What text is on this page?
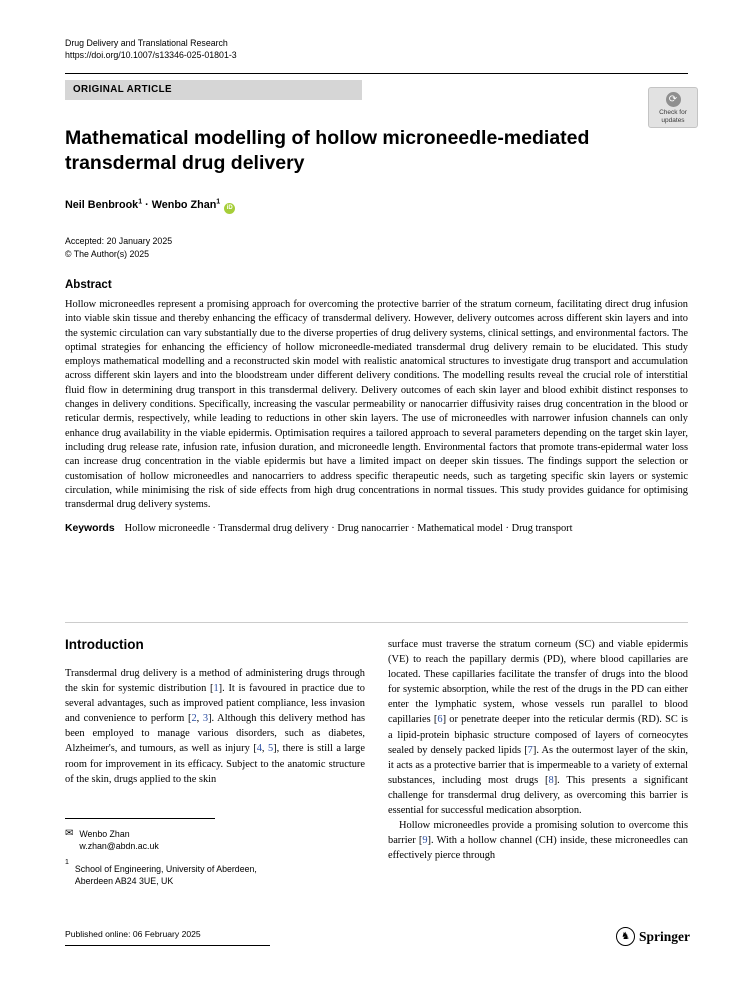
Drug Delivery and Translational Research
https://doi.org/10.1007/s13346-025-01801-3
ORIGINAL ARTICLE
⟳
Check for
updates
Mathematical modelling of hollow microneedle-mediated transdermal drug delivery
Neil Benbrook$^1$ · Wenbo Zhan$^1$iD
Accepted: 20 January 2025
© The Author(s) 2025
Abstract

Hollow microneedles represent a promising approach for overcoming the protective barrier of the stratum corneum, facilitating direct drug infusion into viable skin tissue and thereby enhancing the efficacy of transdermal delivery. However, delivery outcomes across different skin layers and into the systemic circulation can vary substantially due to the diverse properties of drug delivery systems, clinical settings, and environmental factors. The optimal strategies for enhancing the efficiency of hollow microneedle-mediated transdermal drug delivery remain to be elucidated. This study employs mathematical modelling and a reconstructed skin model with realistic anatomical structures to investigate drug transport and accumulation across different skin layers and into the bloodstream under different delivery conditions. The modelling results reveal the crucial role of interstitial fluid flow in determining drug transport in this transdermal delivery. Delivery outcomes of each skin layer and blood exhibit distinct responses to changes in delivery conditions. Specifically, increasing the vascular permeability or nanocarrier diffusivity raises drug concentration in the blood or reticular dermis, respectively, while leading to reductions in other skin layers. The use of microneedles with narrower infusion channels can only enhance drug availability in the viable epidermis. Optimisation requires a tailored approach to several parameters depending on the target skin layer, including drug release rate, infusion rate, infusion duration, and microneedle length. Environmental factors that promote trans-epidermal water loss can increase drug concentration in the viable epidermis but have a limited impact on deeper skin tissues. The findings support the selection or customisation of hollow microneedles and nanocarriers to address specific therapeutic needs, such as targeting specific skin layers or systemic circulation, while minimising the risk of side effects from high drug concentrations in normal tissues. This study provides guidance for optimising transdermal drug delivery systems.

Keywords Hollow microneedle · Transdermal drug delivery · Drug nanocarrier · Mathematical model · Drug transport

Introduction

Transdermal drug delivery is a method of administering drugs through the skin for systemic distribution [1]. It is favoured in practice due to several advantages, such as improved patient compliance, less invasion and convenience to perform [2, 3]. Although this delivery method has been employed to manage various disorders, such as diabetes, Alzheimer's, and tumours, as well as injury [4, 5], there is still a large room for improvement in its efficacy. Subject to the anatomic structure of the skin, drugs applied to the skin

surface must traverse the stratum corneum (SC) and viable epidermis (VE) to reach the papillary dermis (PD), where blood capillaries are located. These capillaries facilitate the transfer of drugs into the blood for systemic absorption, while the rest of the drugs in the PD can either enter the lymphatic system, whose vessels run parallel to blood capillaries [6] or penetrate deeper into the reticular dermis (RD). SC is a lipid-protein biphasic structure composed of layers of corneocytes sealed by densely packed lipids [7]. As the outermost layer of the skin, it acts as a protective barrier that is impermeable to a variety of external substances, including most drugs [8]. This presents a significant challenge for transdermal drug delivery, as overcoming this barrier is essential for successful medication absorption.

Hollow microneedles provide a promising solution to overcome this barrier [9]. With a hollow channel (CH) inside, these microneedles can effectively pierce through

✉ Wenbo Zhan
w.zhan@abdn.ac.uk
1
School of Engineering, University of Aberdeen, Aberdeen AB24 3UE, UK
Published online: 06 February 2025	♞ Springer
